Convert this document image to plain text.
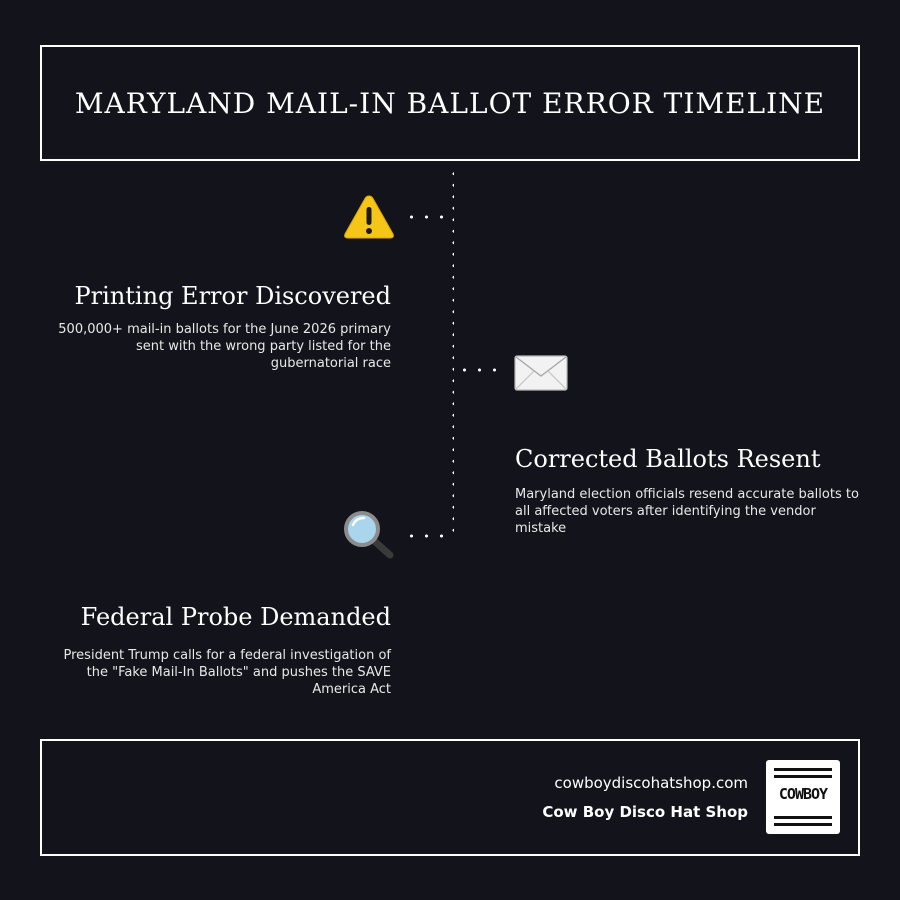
MARYLAND MAIL-IN BALLOT ERROR TIMELINE
Printing Error Discovered

500,000+ mail-in ballots for the June 2026 primary sent with the wrong party listed for the gubernatorial race

Corrected Ballots Resent

Maryland election officials resend accurate ballots to all affected voters after identifying the vendor mistake

Federal Probe Demanded

President Trump calls for a federal investigation of the "Fake Mail-In Ballots" and pushes the SAVE America Act

cowboydiscohatshop.com
Cow Boy Disco Hat Shop
COWBOY
